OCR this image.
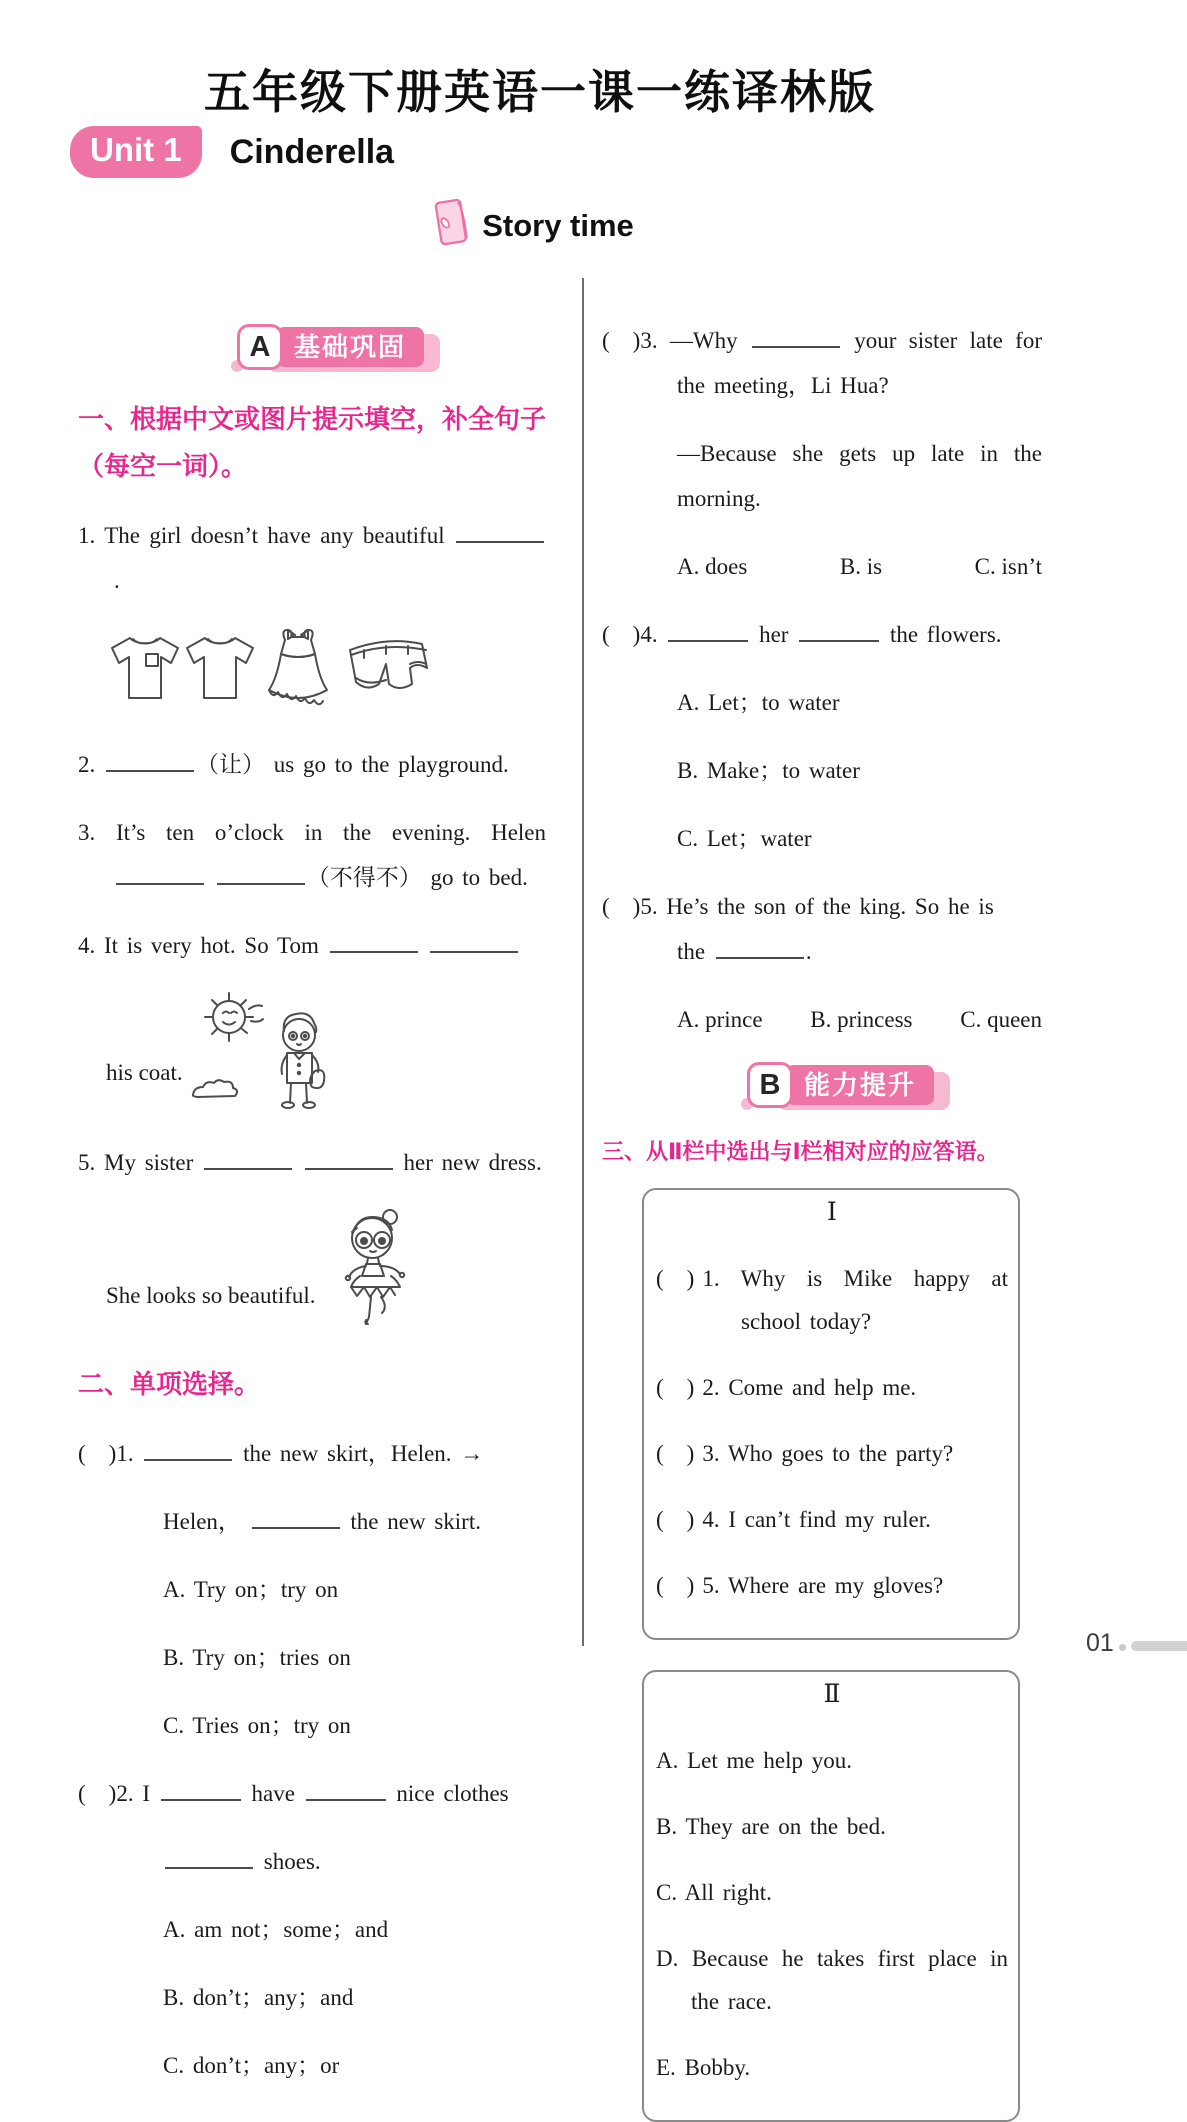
五年级下册英语一课一练译林版
Unit 1	Cinderella
Story time
A 基础巩固
一、根据中文或图片提示填空，补全句子
（每空一词）。

1. The girl doesn’t have any beautiful .

2.	（让） us go to the playground.

3. It’s ten o’clock in the evening. Helen  （不得不） go to bed.

4. It is very hot. So Tom

his coat.

5. My sister	her new dress.

She looks so beautiful.
二、单项选择。

( )1.	the new skirt，Helen. →

Helen，	the new skirt.

A. Try on；try on

B. Try on；tries on

C. Tries on；try on

( )2. I	have	nice clothes

shoes.

A. am not；some；and

B. don’t；any；and

C. don’t；any；or

( )3. —Why	your sister late for the meeting，Li Hua?

—Because she gets up late in the morning.

A. does	B. is	C. isn’t

( )4.	her	the flowers.

A. Let；to water

B. Make；to water

C. Let；water

( )5. He’s the son of the king. So he is
the	.

A. prince B. princess C. queen
B 能力提升
三、从Ⅱ栏中选出与Ⅰ栏相对应的应答语。
Ⅰ

( ) 1. Why is Mike happy at school today?

( ) 2. Come and help me.

( ) 3. Who goes to the party?

( ) 4. I can’t find my ruler.

( ) 5. Where are my gloves?

Ⅱ

A. Let me help you.

B. They are on the bed.

C. All right.

D. Because he takes first place in the race.

E. Bobby.

01
